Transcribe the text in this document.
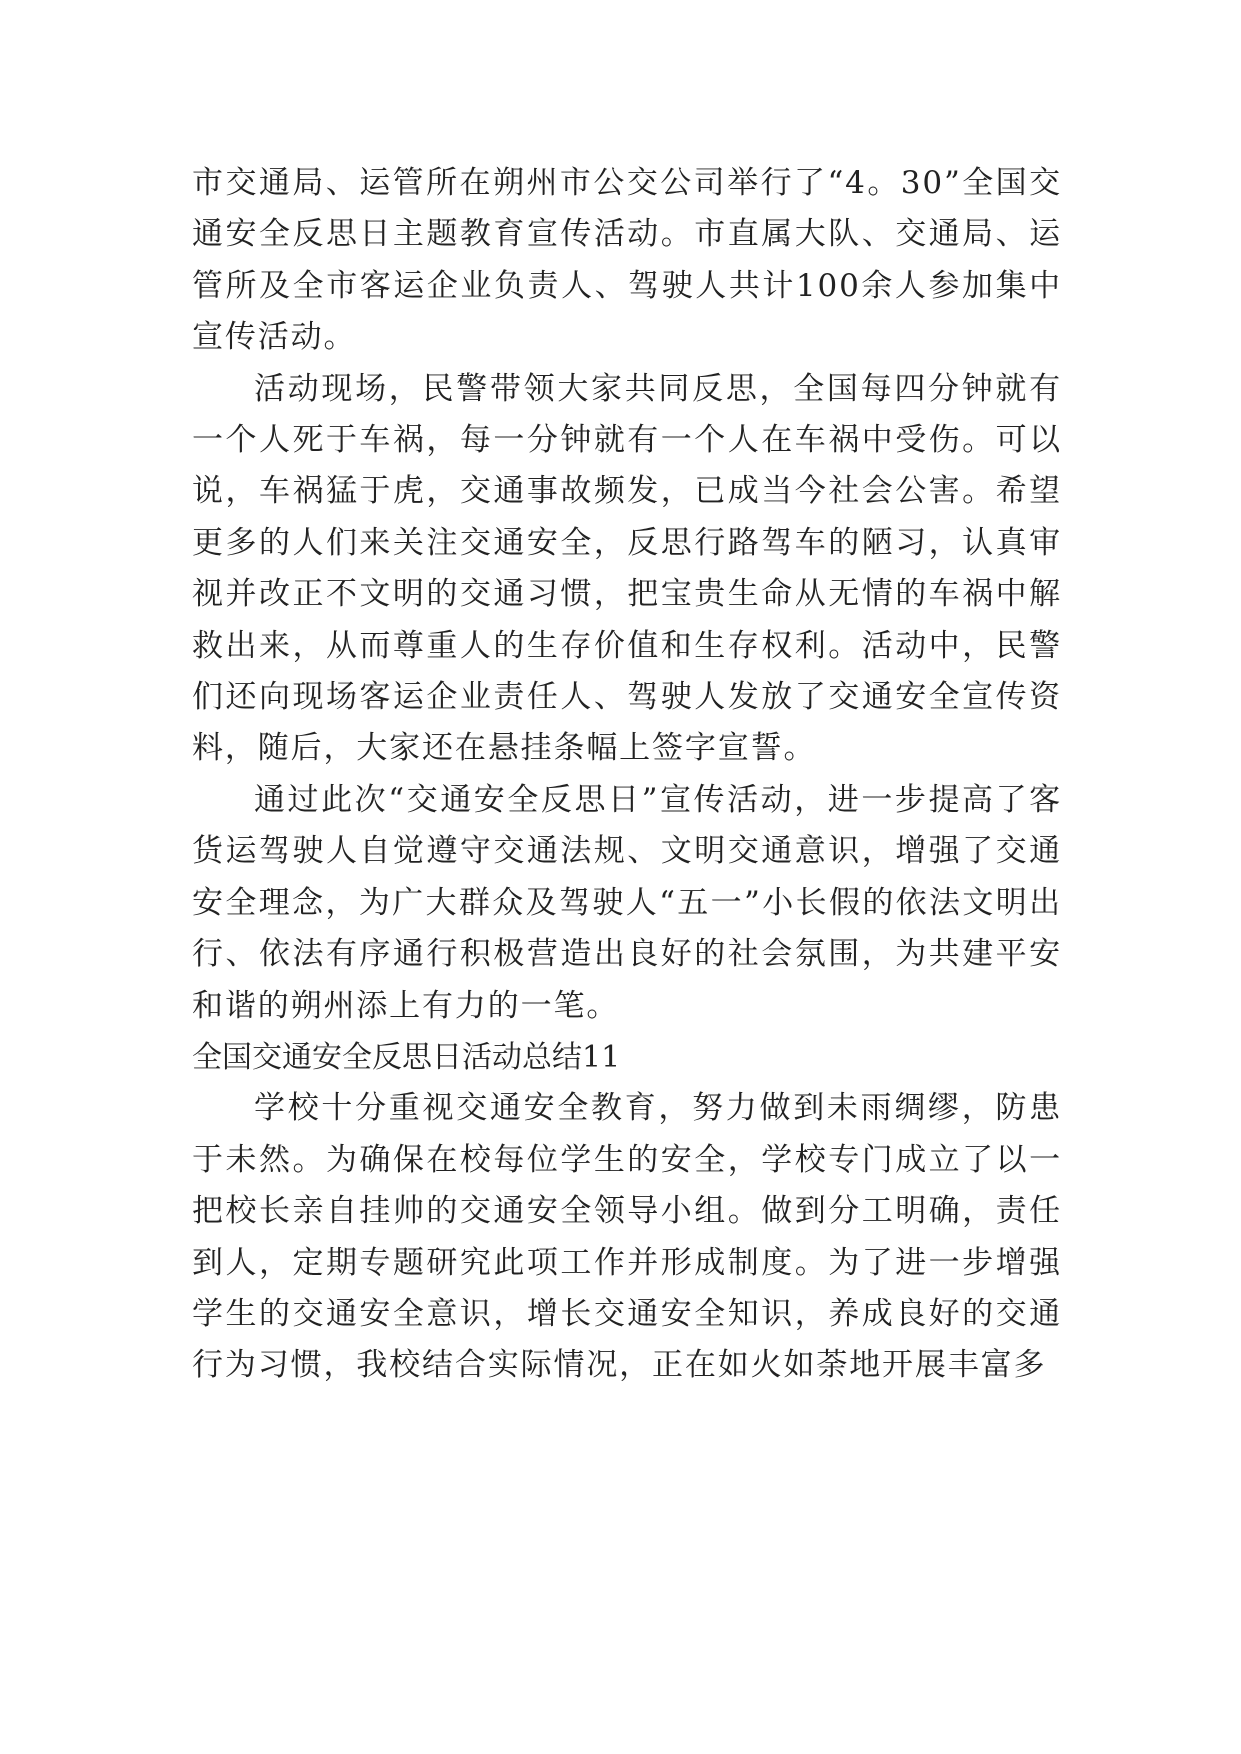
市交通局、运管所在朔州市公交公司举行了“4。30”全国交通安全反思日主题教育宣传活动。市直属大队、交通局、运管所及全市客运企业负责人、驾驶人共计100余人参加集中宣传活动。

活动现场，民警带领大家共同反思，全国每四分钟就有一个人死于车祸，每一分钟就有一个人在车祸中受伤。可以说，车祸猛于虎，交通事故频发，已成当今社会公害。希望更多的人们来关注交通安全，反思行路驾车的陋习，认真审视并改正不文明的交通习惯，把宝贵生命从无情的车祸中解救出来，从而尊重人的生存价值和生存权利。活动中，民警们还向现场客运企业责任人、驾驶人发放了交通安全宣传资料，随后，大家还在悬挂条幅上签字宣誓。

通过此次“交通安全反思日”宣传活动，进一步提高了客货运驾驶人自觉遵守交通法规、文明交通意识，增强了交通安全理念，为广大群众及驾驶人“五一”小长假的依法文明出行、依法有序通行积极营造出良好的社会氛围，为共建平安和谐的朔州添上有力的一笔。

全国交通安全反思日活动总结11

学校十分重视交通安全教育，努力做到未雨绸缪，防患于未然。为确保在校每位学生的安全，学校专门成立了以一把校长亲自挂帅的交通安全领导小组。做到分工明确，责任到人，定期专题研究此项工作并形成制度。为了进一步增强学生的交通安全意识，增长交通安全知识，养成良好的交通行为习惯，我校结合实际情况，正在如火如荼地开展丰富多
